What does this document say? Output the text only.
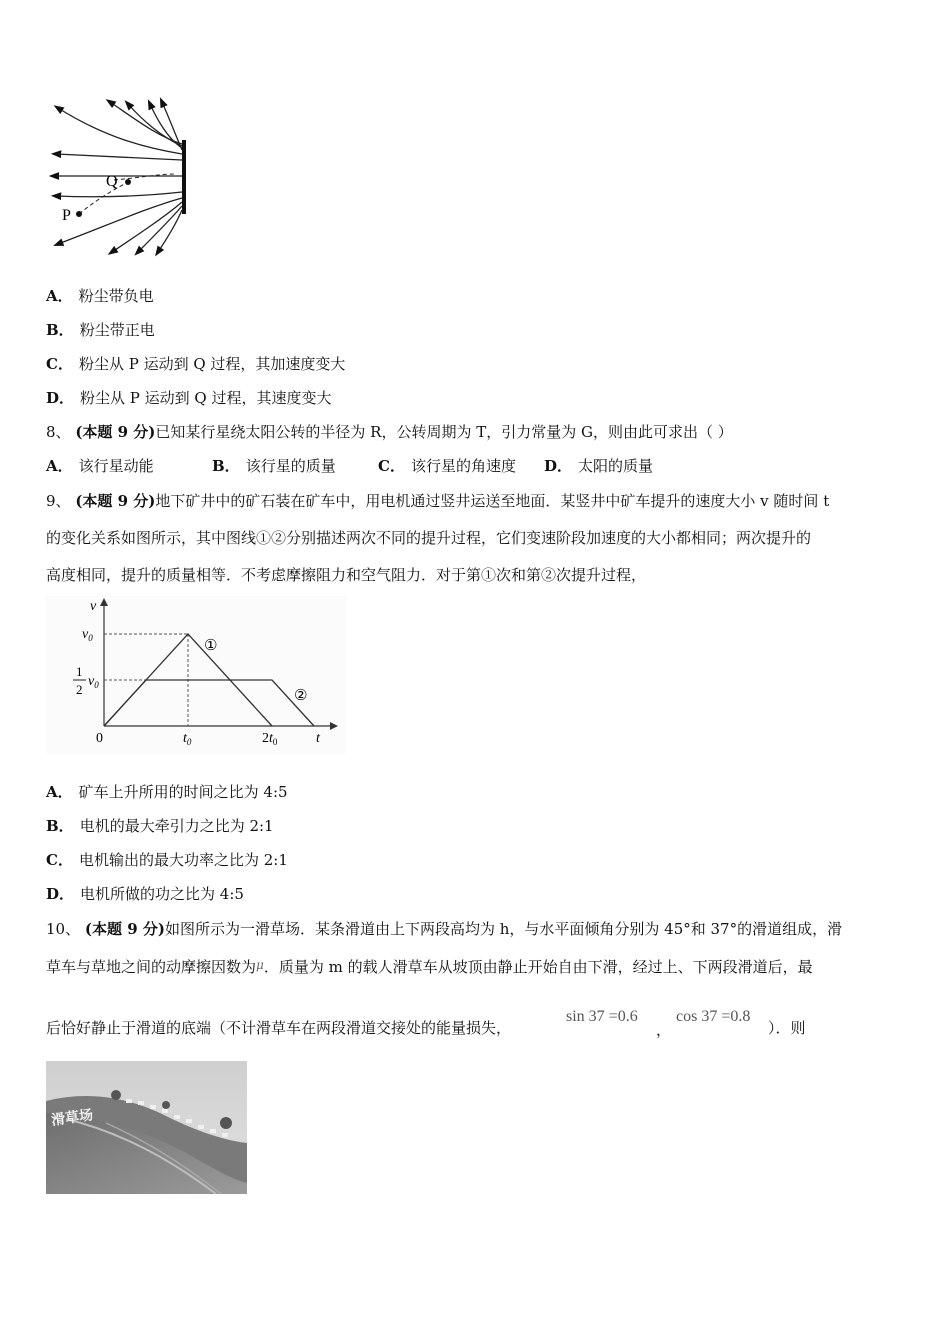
Q
P
A． 粉尘带负电
B． 粉尘带正电
C． 粉尘从 P 运动到 Q 过程，其加速度变大
D． 粉尘从 P 运动到 Q 过程，其速度变大
8、 (本题 9 分)已知某行星绕太阳公转的半径为 R，公转周期为 T，引力常量为 G，则由此可求出（ ）
A． 该行星动能	B． 该行星的质量	C． 该行星的角速度 D． 太阳的质量
9、 (本题 9 分)地下矿井中的矿石装在矿车中，用电机通过竖井运送至地面．某竖井中矿车提升的速度大小 v 随时间 t
的变化关系如图所示，其中图线①②分别描述两次不同的提升过程，它们变速阶段加速度的大小都相同；两次提升的
高度相同，提升的质量相等．不考虑摩擦阻力和空气阻力．对于第①次和第②次提升过程，
v
t
0
$v_0$
1
2
$v_0$
$t_0$	$2t_0$
①
②
A． 矿车上升所用的时间之比为 4:5
B． 电机的最大牵引力之比为 2:1
C． 电机输出的最大功率之比为 2:1
D． 电机所做的功之比为 4:5
10、 (本题 9 分)如图所示为一滑草场．某条滑道由上下两段高均为 h，与水平面倾角分别为 45°和 37°的滑道组成，滑
草车与草地之间的动摩擦因数为$^\mu$．质量为 m 的载人滑草车从坡顶由静止开始自由下滑，经过上、下两段滑道后，最
后恰好静止于滑道的底端（不计滑草车在两段滑道交接处的能量损失，
sin 37 =0.6
，
cos 37 =0.8
）．则
滑草场
